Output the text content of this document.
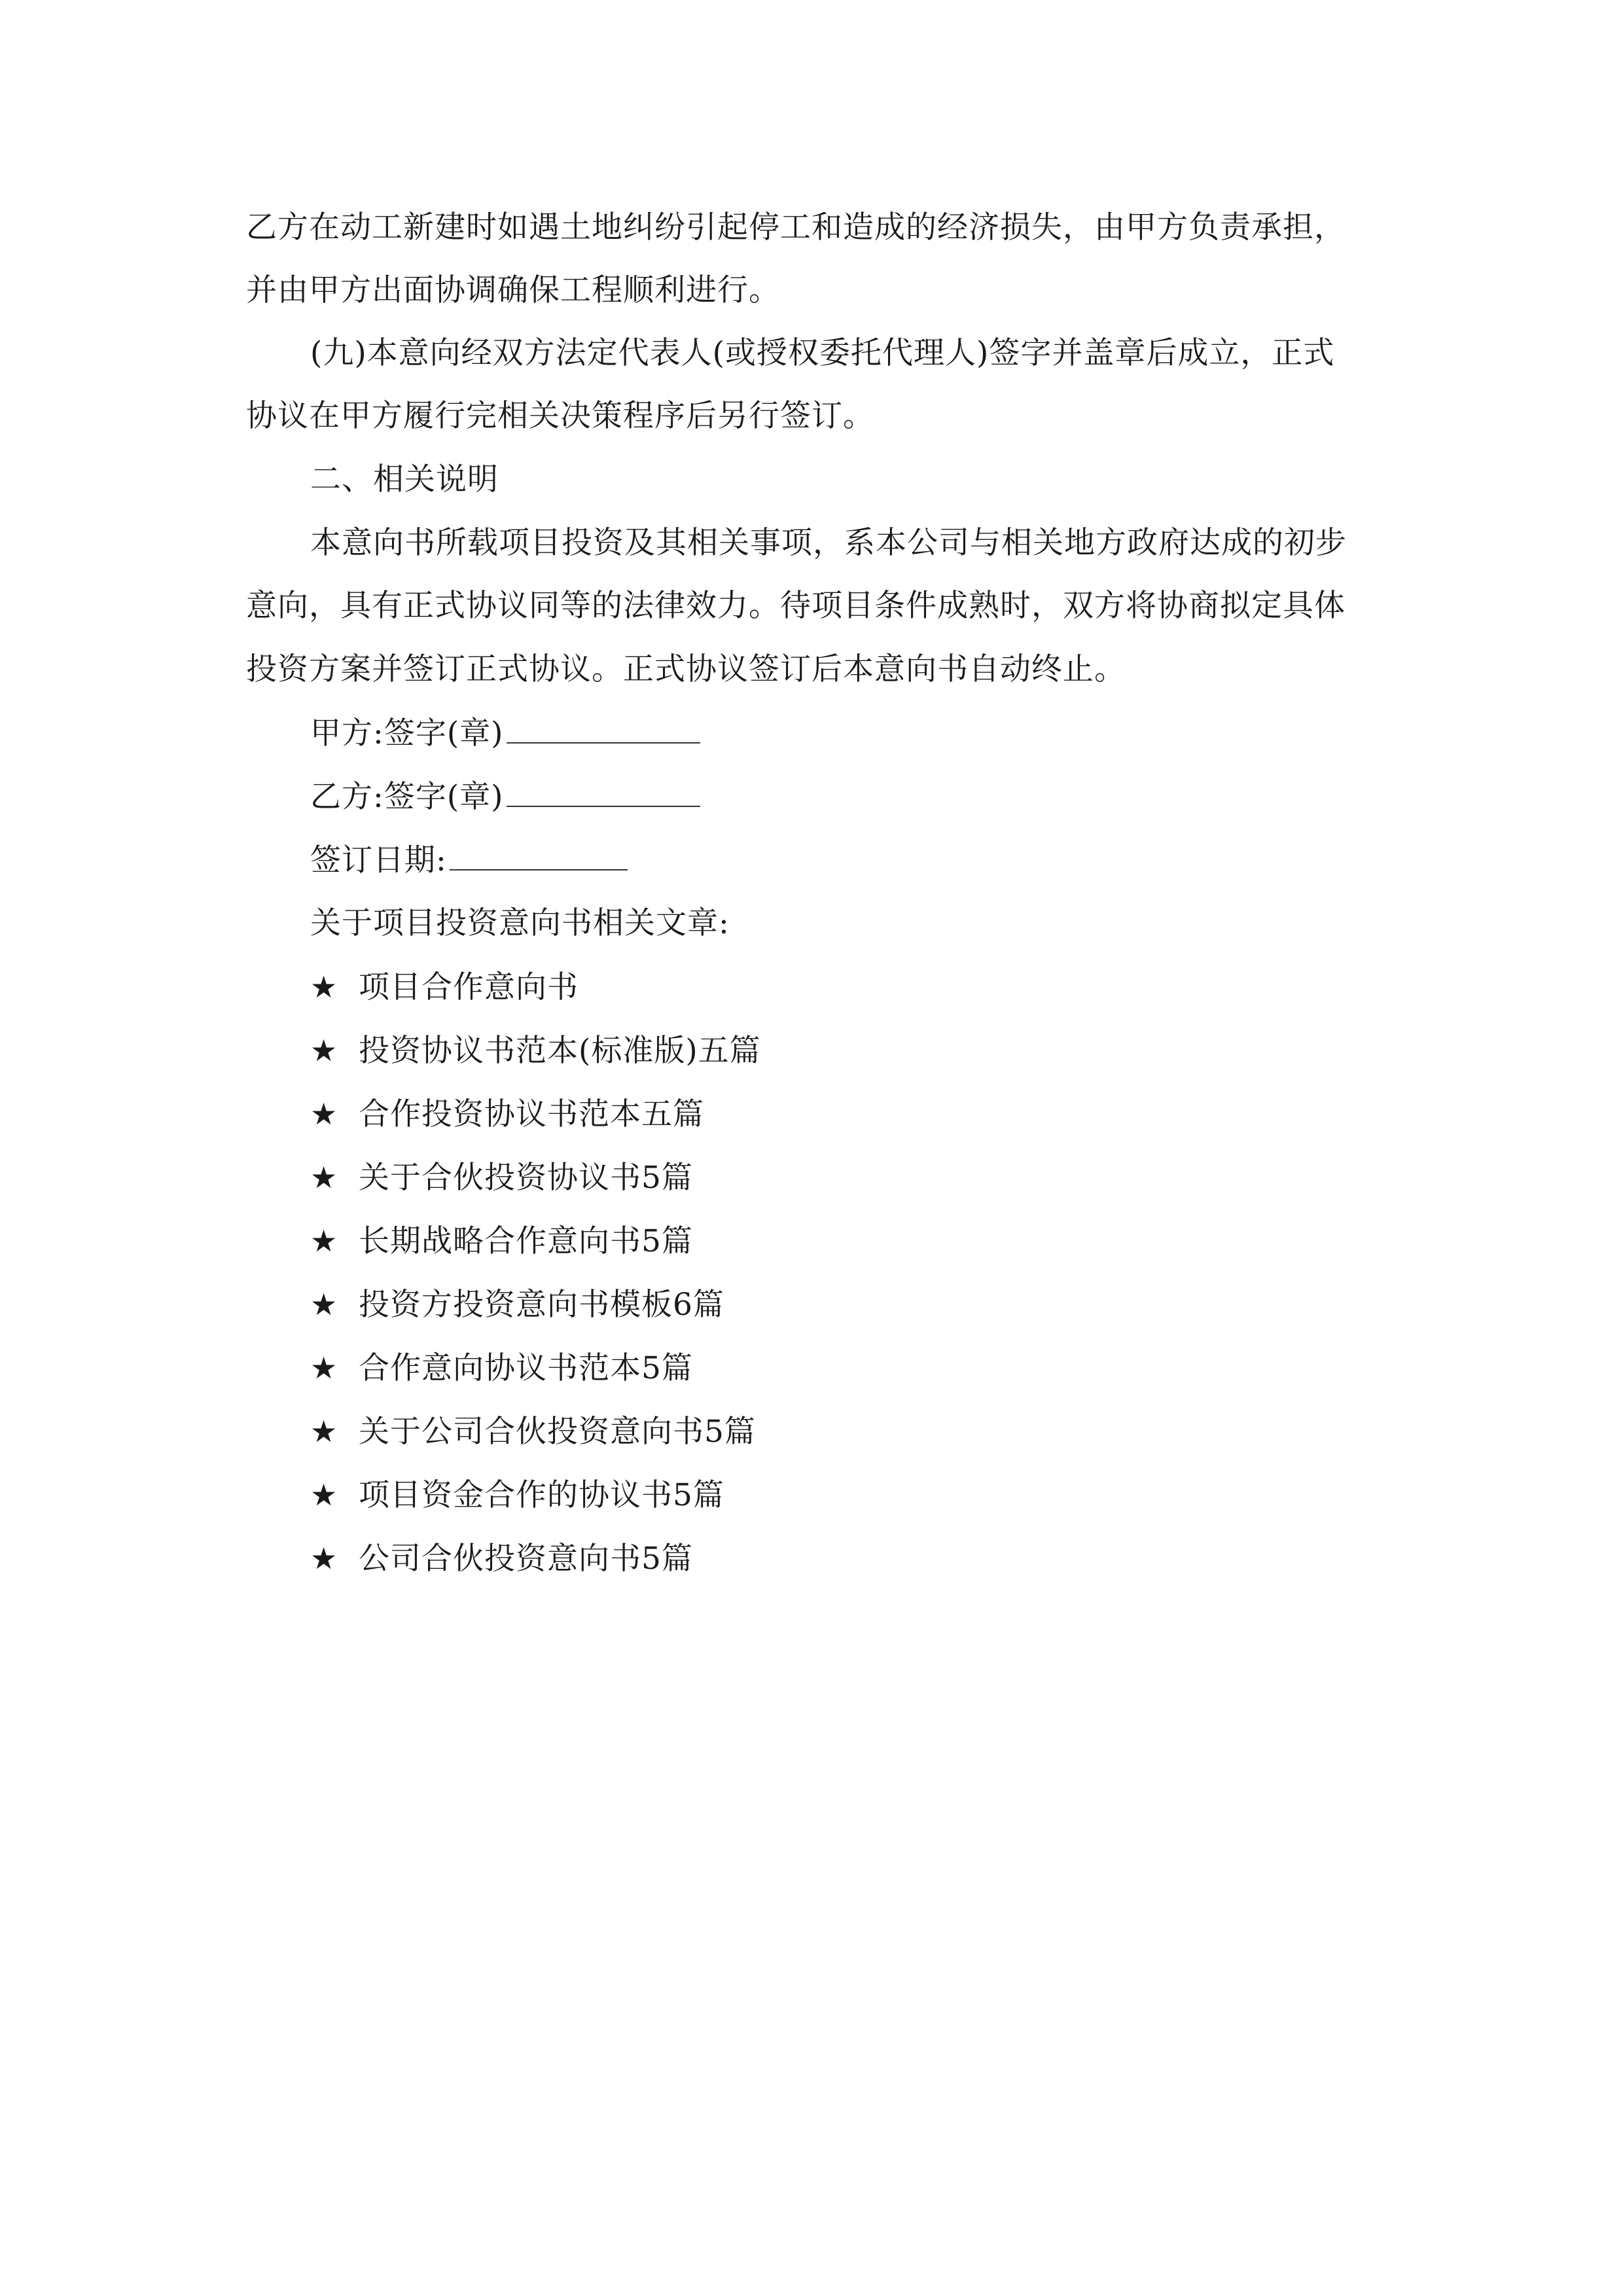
乙方在动工新建时如遇土地纠纷引起停工和造成的经济损失，由甲方负责承担，
并由甲方出面协调确保工程顺利进行。
(九)本意向经双方法定代表人(或授权委托代理人)签字并盖章后成立，正式
协议在甲方履行完相关决策程序后另行签订。
二、相关说明
本意向书所载项目投资及其相关事项，系本公司与相关地方政府达成的初步
意向，具有正式协议同等的法律效力。待项目条件成熟时，双方将协商拟定具体
投资方案并签订正式协议。正式协议签订后本意向书自动终止。
甲方:签字(章)
乙方:签字(章)
签订日期:
关于项目投资意向书相关文章:
★ 项目合作意向书
★ 投资协议书范本(标准版)五篇
★ 合作投资协议书范本五篇
★ 关于合伙投资协议书5篇
★ 长期战略合作意向书5篇
★ 投资方投资意向书模板6篇
★ 合作意向协议书范本5篇
★ 关于公司合伙投资意向书5篇
★ 项目资金合作的协议书5篇
★ 公司合伙投资意向书5篇
